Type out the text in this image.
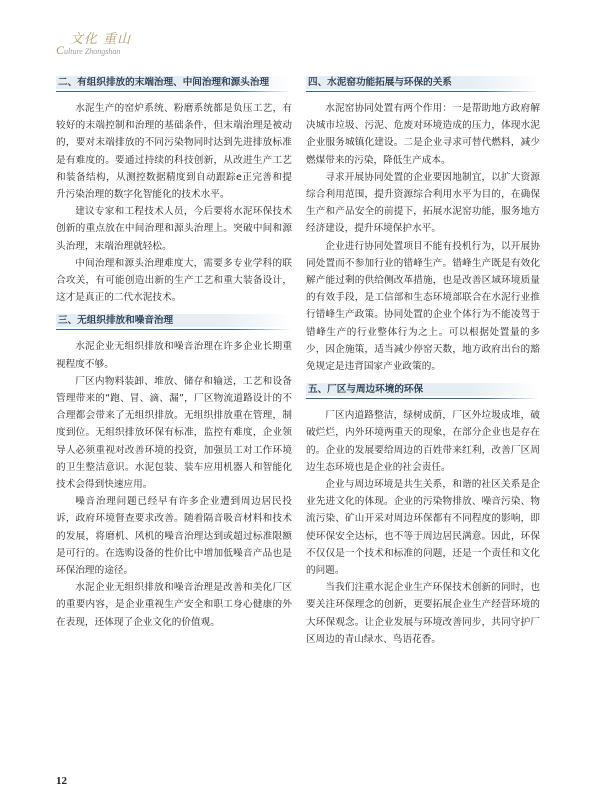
文化 重山
Culture Zhongshan
二、有组织排放的末端治理、中间治理和源头治理

水泥生产的窑炉系统、粉磨系统都是负压工艺，有较好的末端控制和治理的基础条件，但末端治理是被动的，要对末端排放的不同污染物同时达到先进排放标准是有难度的。要通过持续的科技创新，从改进生产工艺和装备结构，从测控数据精度到自动跟踪e正完善和提升污染治理的数字化智能化的技术水平。

建议专家和工程技术人员，今后要将水泥环保技术创新的重点放在中间治理和源头治理上。突破中间和源头治理，末端治理就轻松。

中间治理和源头治理难度大，需要多专业学科的联合攻关，有可能创造出新的生产工艺和重大装备设计，这才是真正的二代水泥技术。

三、无组织排放和噪音治理

水泥企业无组织排放和噪音治理在许多企业长期重视程度不够。

厂区内物料装卸、堆放、储存和输送，工艺和设备管理带来的“跑、冒、滴、漏”，厂区物流道路设计的不合理都会带来了无组织排放。无组织排放重在管理，制度到位。无组织排放环保有标准，监控有难度，企业领导人必须重视对改善环境的投资，加强员工对工作环境的卫生整洁意识。水泥包装、装车应用机器人和智能化技术会得到快速应用。

噪音治理问题已经早有许多企业遭到周边居民投诉，政府环境督查要求改善。随着隔音吸音材料和技术的发展，将磨机、风机的噪音治理达到或超过标准限额是可行的。在选购设备的性价比中增加低噪音产品也是环保治理的途径。

水泥企业无组织排放和噪音治理是改善和美化厂区的重要内容，是企业重视生产安全和职工身心健康的外在表现，还体现了企业文化的价值观。

四、水泥窑功能拓展与环保的关系

水泥窑协同处置有两个作用：一是帮助地方政府解决城市垃圾、污泥、危废对环境造成的压力，体现水泥企业服务城镇化建设。二是企业寻求可替代燃料，减少燃煤带来的污染，降低生产成本。

寻求开展协同处置的企业要因地制宜，以扩大资源综合利用范围，提升资源综合利用水平为目的，在确保生产和产品安全的前提下，拓展水泥窑功能，服务地方经济建设，提升环境保护水平。

企业进行协同处置项目不能有投机行为，以开展协同处置而不参加行业的错峰生产。错峰生产既是有效化解产能过剩的供给侧改革措施，也是改善区域环境质量的有效手段，是工信部和生态环境部联合在水泥行业推行错峰生产政策。协同处置的企业个体行为不能凌驾于错峰生产的行业整体行为之上。可以根据处置量的多少，因企施策，适当减少停窑天数，地方政府出台的豁免规定是违背国家产业政策的。

五、厂区与周边环境的环保

厂区内道路整洁，绿树成荫，厂区外垃圾成堆，破破烂烂，内外环境两重天的现象，在部分企业也是存在的。企业的发展要给周边的百姓带来红利，改善厂区周边生态环境也是企业的社会责任。

企业与周边环境是共生关系，和谐的社区关系是企业先进文化的体现。企业的污染物排放、噪音污染、物流污染、矿山开采对周边环保都有不同程度的影响，即使环保安全达标，也不等于周边居民满意。因此，环保不仅仅是一个技术和标准的问题，还是一个责任和文化的问题。

当我们注重水泥企业生产环保技术创新的同时，也要关注环保理念的创新，更要拓展企业生产经营环境的大环保观念。让企业发展与环境改善同步，共同守护厂区周边的青山绿水、鸟语花香。

12
